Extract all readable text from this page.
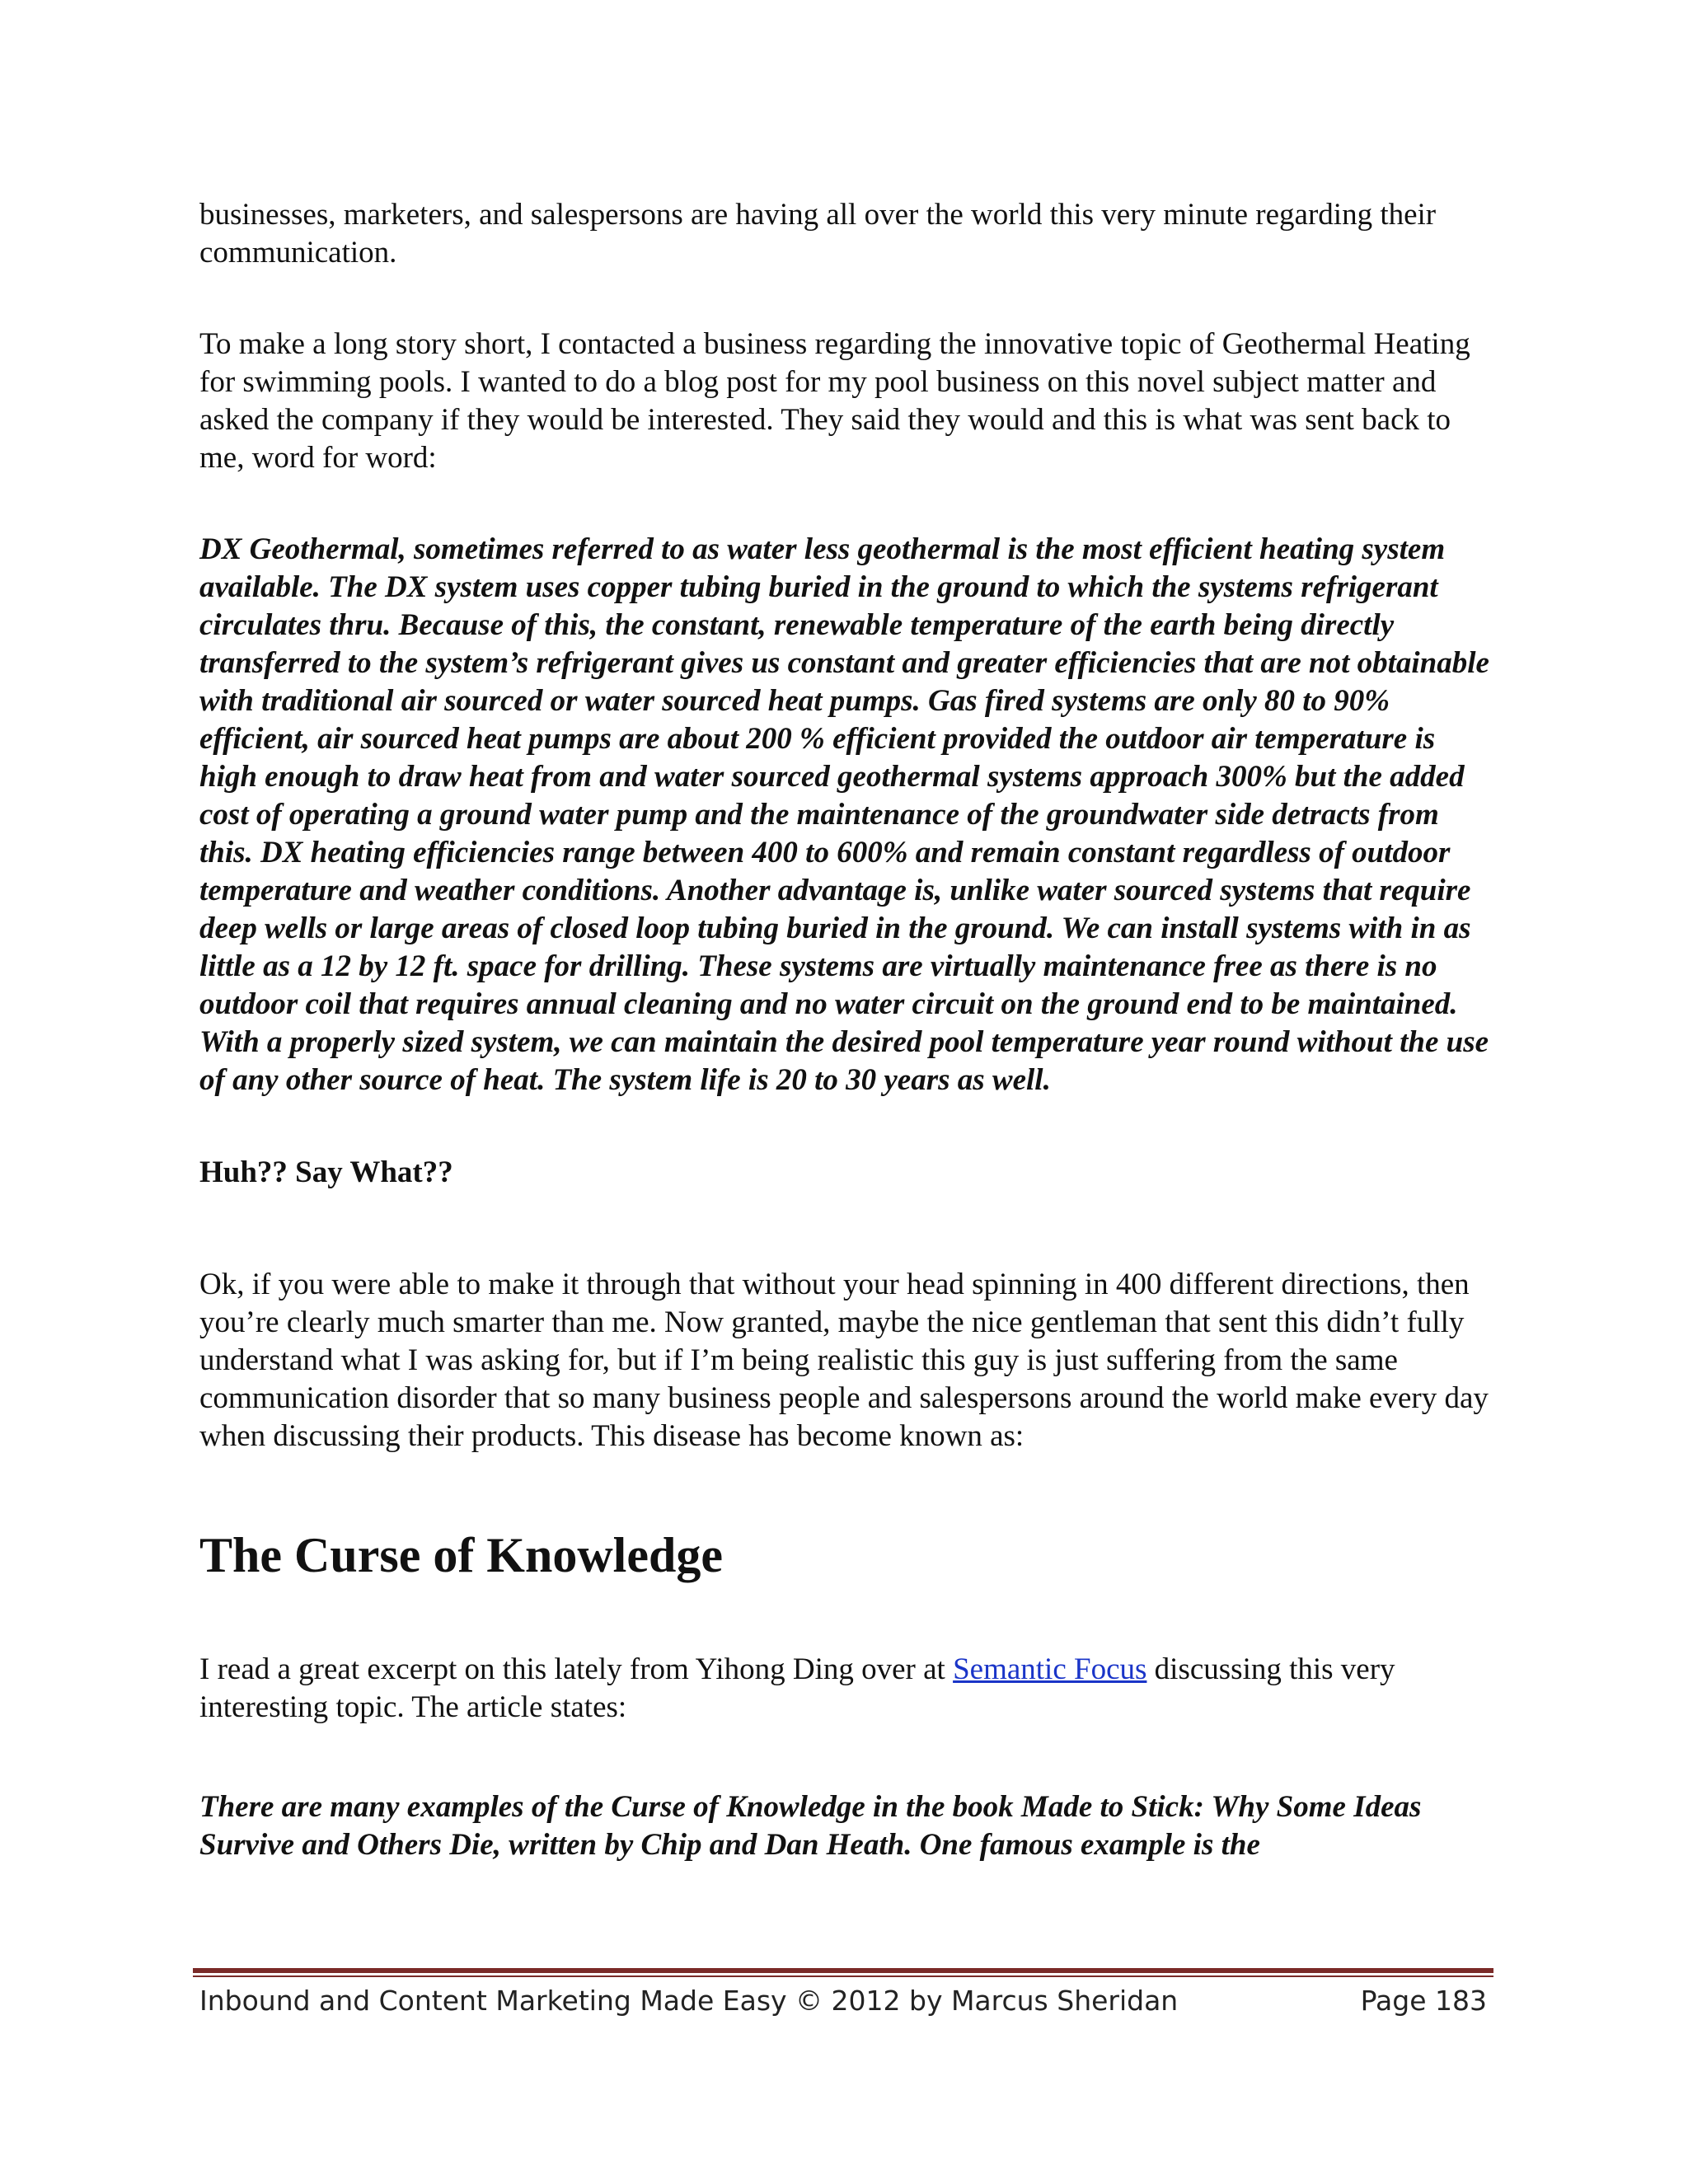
businesses, marketers, and salespersons are having all over the world this very minute regarding their communication.

To make a long story short, I contacted a business regarding the innovative topic of Geothermal Heating for swimming pools. I wanted to do a blog post for my pool business on this novel subject matter and asked the company if they would be interested. They said they would and this is what was sent back to me, word for word:

DX Geothermal, sometimes referred to as water less geothermal is the most efficient heating system available. The DX system uses copper tubing buried in the ground to which the systems refrigerant circulates thru. Because of this, the constant, renewable temperature of the earth being directly transferred to the system’s refrigerant gives us constant and greater efficiencies that are not obtainable with traditional air sourced or water sourced heat pumps. Gas fired systems are only 80 to 90% efficient, air sourced heat pumps are about 200 % efficient provided the outdoor air temperature is high enough to draw heat from and water sourced geothermal systems approach 300% but the added cost of operating a ground water pump and the maintenance of the groundwater side detracts from this. DX heating efficiencies range between 400 to 600% and remain constant regardless of outdoor temperature and weather conditions. Another advantage is, unlike water sourced systems that require deep wells or large areas of closed loop tubing buried in the ground. We can install systems with in as little as a 12 by 12 ft. space for drilling. These systems are virtually maintenance free as there is no outdoor coil that requires annual cleaning and no water circuit on the ground end to be maintained. With a properly sized system, we can maintain the desired pool temperature year round without the use of any other source of heat. The system life is 20 to 30 years as well.

Huh?? Say What??

Ok, if you were able to make it through that without your head spinning in 400 different directions, then you’re clearly much smarter than me. Now granted, maybe the nice gentleman that sent this didn’t fully understand what I was asking for, but if I’m being realistic this guy is just suffering from the same communication disorder that so many business people and salespersons around the world make every day when discussing their products. This disease has become known as:

The Curse of Knowledge

I read a great excerpt on this lately from Yihong Ding over at Semantic Focus discussing this very interesting topic. The article states:

There are many examples of the Curse of Knowledge in the book Made to Stick: Why Some Ideas Survive and Others Die, written by Chip and Dan Heath. One famous example is the

Inbound and Content Marketing Made Easy © 2012 by Marcus Sheridan	Page 183
